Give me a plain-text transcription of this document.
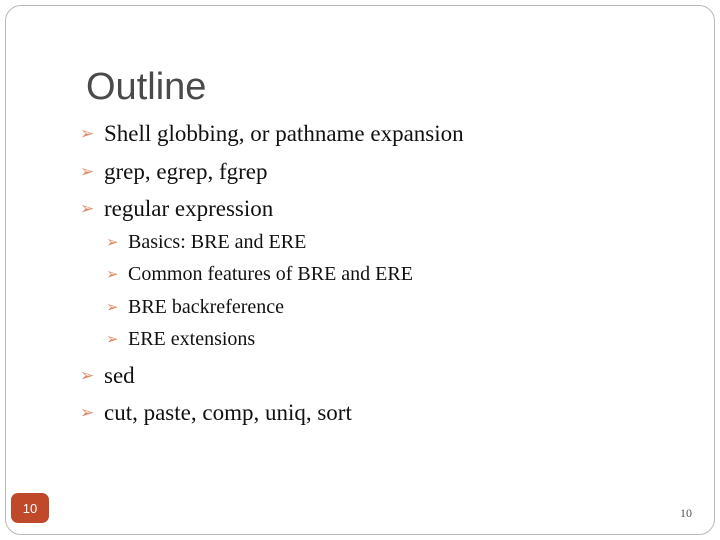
Outline
➢ Shell globbing, or pathname expansion
➢ grep, egrep, fgrep
➢ regular expression
➢ Basics: BRE and ERE
➢ Common features of BRE and ERE
➢ BRE backreference
➢ ERE extensions
➢ sed
➢ cut, paste, comp, uniq, sort
10	10
